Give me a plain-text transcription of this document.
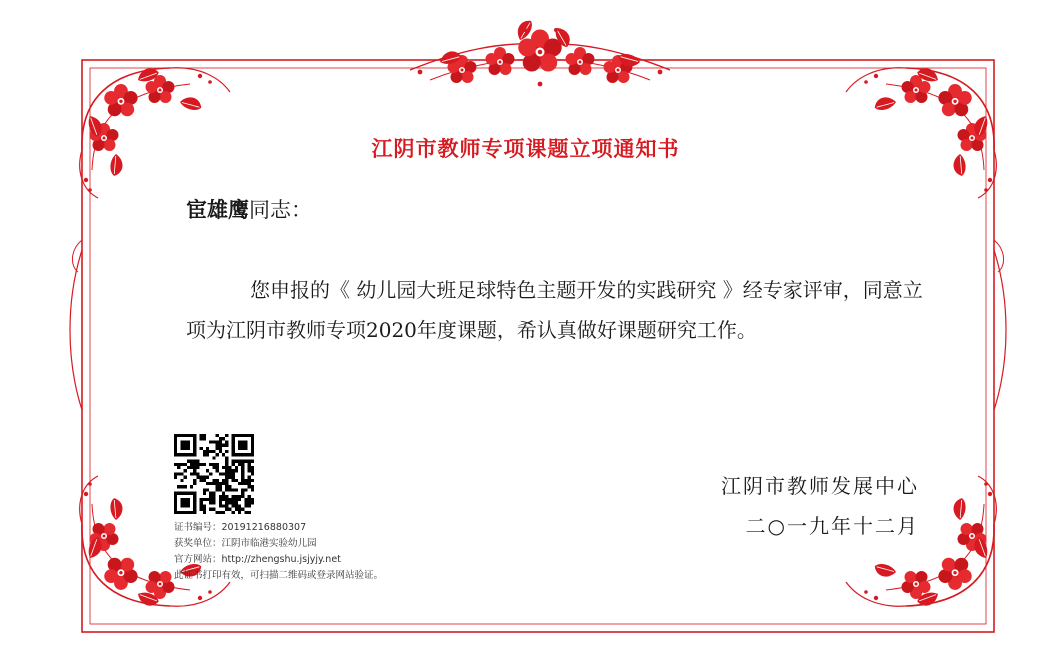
江阴市教师专项课题立项通知书
宦雄鹰同志：

您申报的《 幼儿园大班足球特色主题开发的实践研究 》经专家评审，同意立项为江阴市教师专项2020年度课题，希认真做好课题研究工作。

证书编号：20191216880307
获奖单位：江阴市临港实验幼儿园
官方网站：http://zhengshu.jsjyjy.net
此证书打印有效，可扫描二维码或登录网站验证。
江阴市教师发展中心
二○一九年十二月
